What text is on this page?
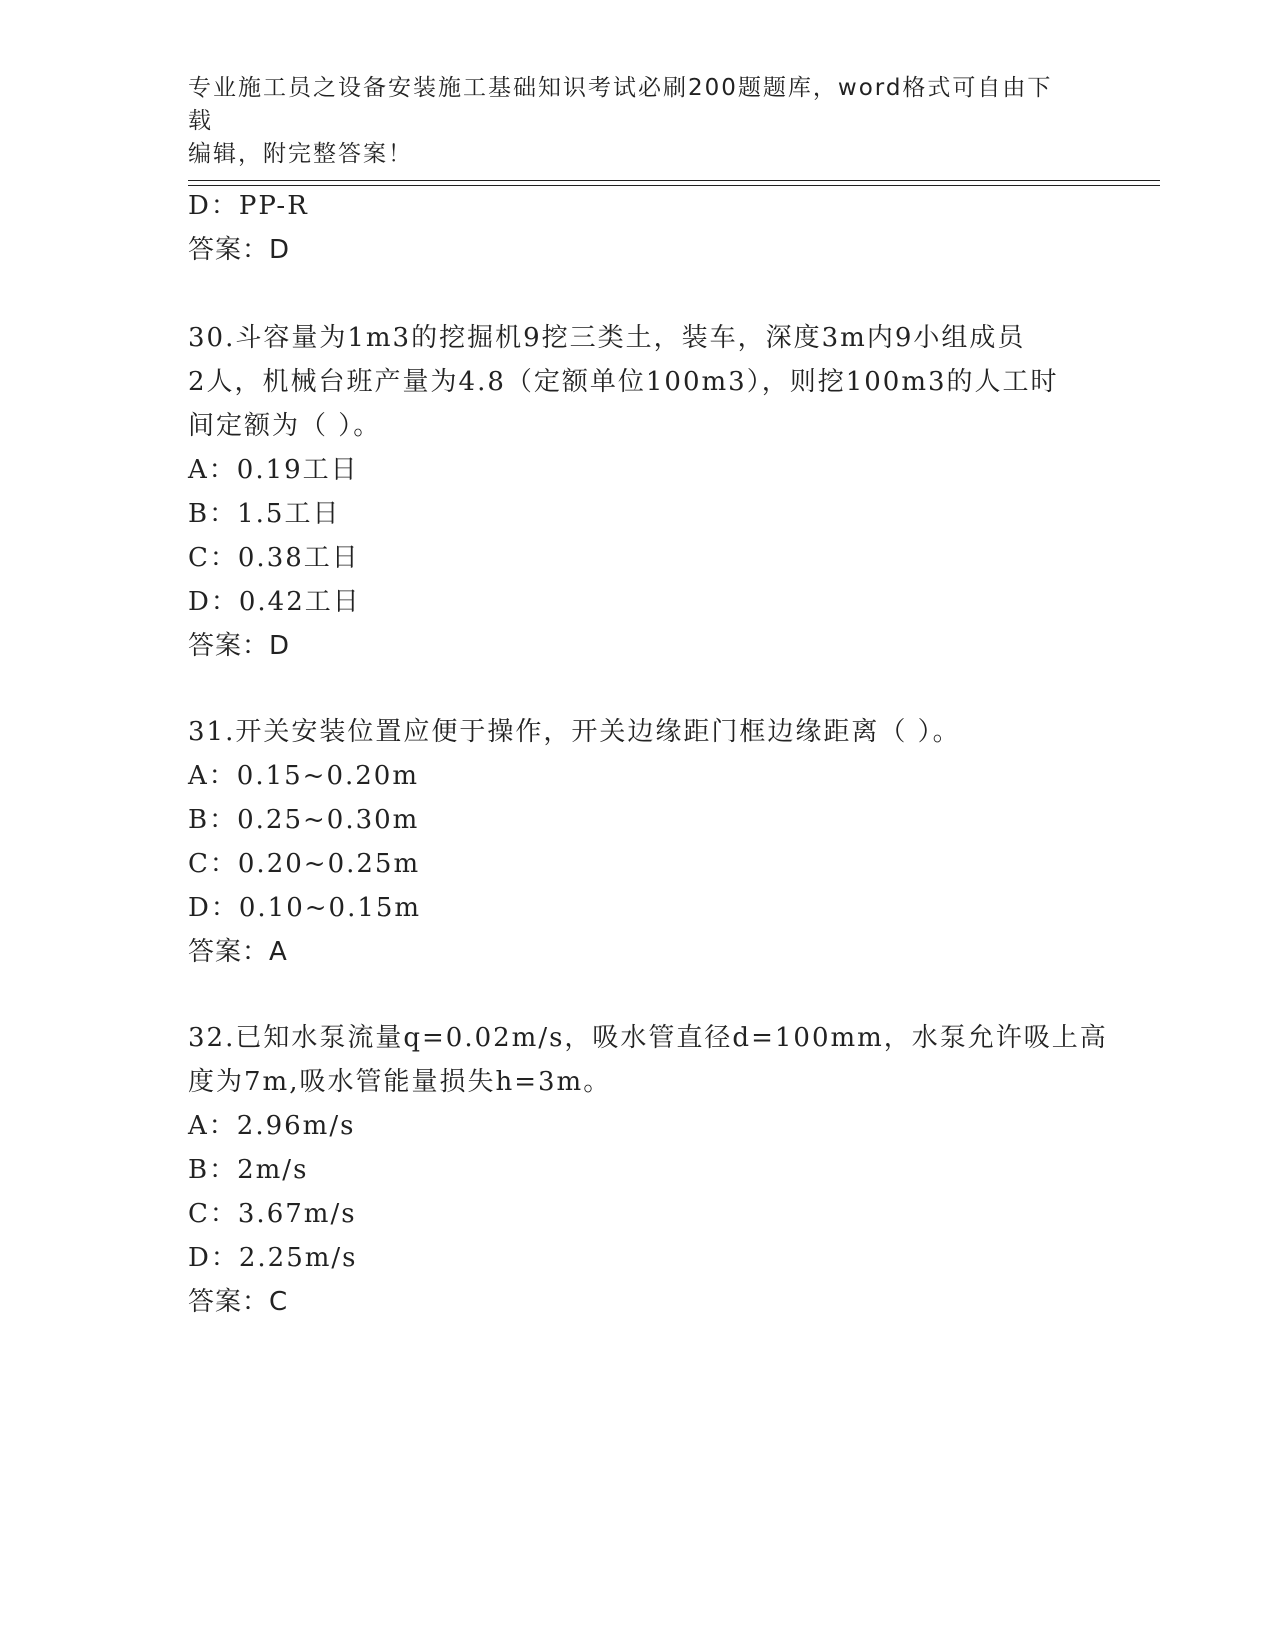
专业施工员之设备安装施工基础知识考试必刷200题题库，word格式可自由下载
编辑，附完整答案！
D：PP-R
答案：D
30.斗容量为1m3的挖掘机9挖三类土，装车，深度3m内9小组成员
2人，机械台班产量为4.8（定额单位100m3），则挖100m3的人工时
间定额为（ ）。
A：0.19工日
B：1.5工日
C：0.38工日
D：0.42工日
答案：D
31.开关安装位置应便于操作，开关边缘距门框边缘距离（ ）。
A：0.15~0.20m
B：0.25~0.30m
C：0.20~0.25m
D：0.10~0.15m
答案：A
32.已知水泵流量q=0.02m/s，吸水管直径d=100mm，水泵允许吸上高
度为7m,吸水管能量损失h=3m。
A：2.96m/s
B：2m/s
C：3.67m/s
D：2.25m/s
答案：C
